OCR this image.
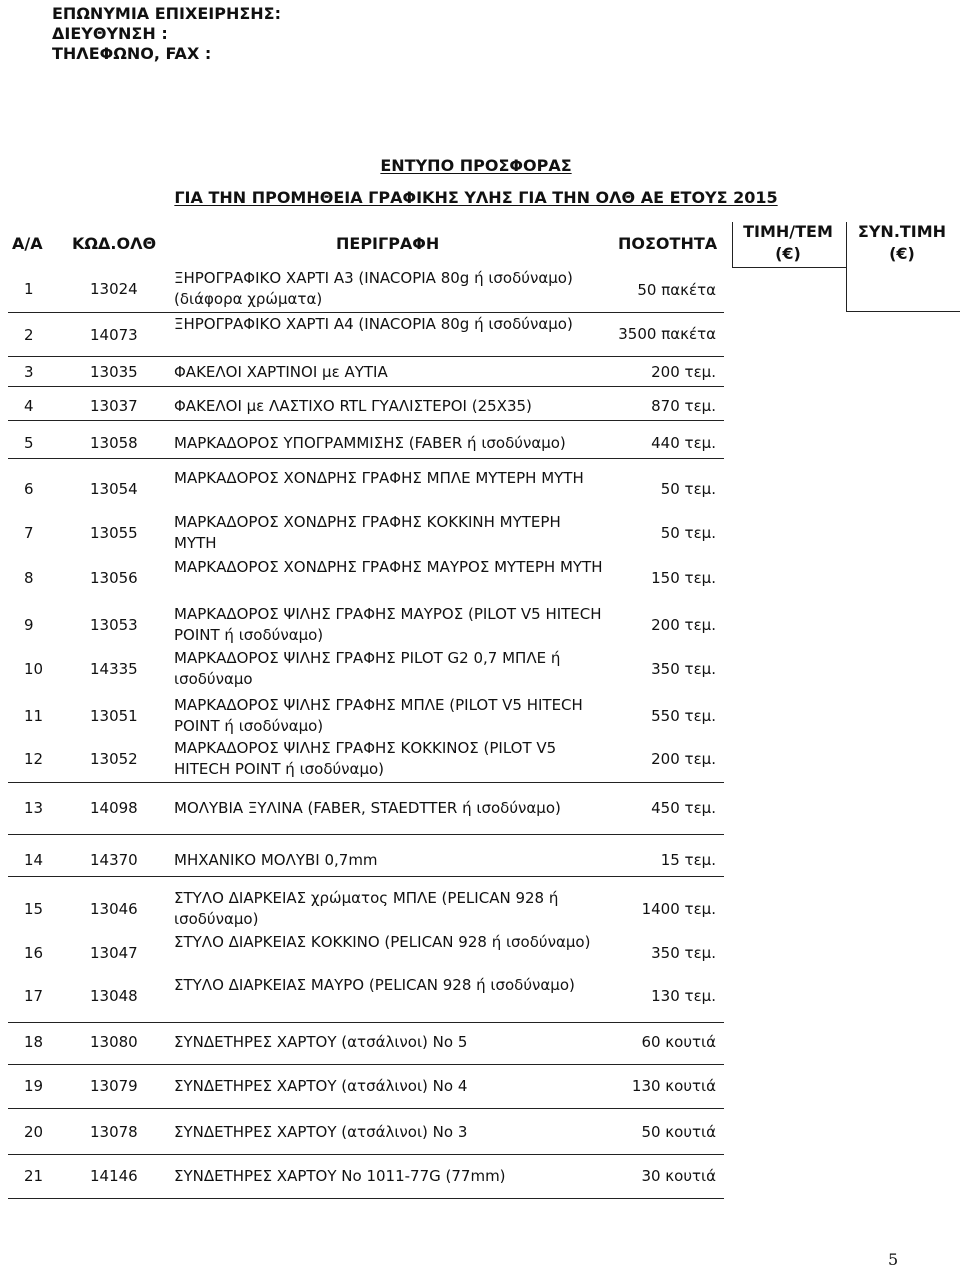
ΕΠΩΝΥΜΙΑ ΕΠΙΧΕΙΡΗΣΗΣ:
ΔΙΕΥΘΥΝΣΗ :
ΤΗΛΕΦΩΝΟ, FAX :
ΕΝΤΥΠΟ ΠΡΟΣΦΟΡΑΣ
ΓΙΑ ΤΗΝ ΠΡΟΜΗΘΕΙΑ ΓΡΑΦΙΚΗΣ ΥΛΗΣ ΓΙΑ ΤΗΝ ΟΛΘ ΑΕ ΕΤΟΥΣ 2015
Α/Α ΚΩΔ.ΟΛΘ	ΠΕΡΙΓΡΑΦΗ	ΠΟΣΟΤΗΤΑ
ΤΙΜΗ/ΤΕΜ
(€)
ΣΥΝ.ΤΙΜΗ
(€)
1	13024
ΞΗΡΟΓΡΑΦΙΚΟ ΧΑΡΤΙ Α3 (INACOPIA 80g ή ισοδύναμο) (διάφορα χρώματα)	50 πακέτα
2	14073
ΞΗΡΟΓΡΑΦΙΚΟ ΧΑΡΤΙ Α4 (INACOPIA 80g ή ισοδύναμο)
3500 πακέτα
3	13035 ΦΑΚΕΛΟΙ ΧΑΡΤΙΝΟΙ με ΑΥΤΙΑ	200 τεμ.
4	13037 ΦΑΚΕΛΟΙ με ΛΑΣΤΙΧΟ RTL ΓΥΑΛΙΣΤΕΡΟΙ (25Χ35)	870 τεμ.
5	13058 ΜΑΡΚΑΔΟΡΟΣ ΥΠΟΓΡΑΜΜΙΣΗΣ (FABER ή ισοδύναμο)	440 τεμ.
6	13054
ΜΑΡΚΑΔΟΡΟΣ ΧΟΝΔΡΗΣ ΓΡΑΦΗΣ ΜΠΛΕ ΜΥΤΕΡΗ ΜΥΤΗ
50 τεμ.
7	13055
ΜΑΡΚΑΔΟΡΟΣ ΧΟΝΔΡΗΣ ΓΡΑΦΗΣ ΚΟΚΚΙΝΗ ΜΥΤΕΡΗ ΜΥΤΗ
50 τεμ.
8	13056
ΜΑΡΚΑΔΟΡΟΣ ΧΟΝΔΡΗΣ ΓΡΑΦΗΣ ΜΑΥΡΟΣ ΜΥΤΕΡΗ ΜΥΤΗ
150 τεμ.
9	13053
ΜΑΡΚΑΔΟΡΟΣ ΨΙΛΗΣ ΓΡΑΦΗΣ ΜΑΥΡΟΣ (PILOT V5 HITECH POINT ή ισοδύναμο)
200 τεμ.
10	14335
ΜΑΡΚΑΔΟΡΟΣ ΨΙΛΗΣ ΓΡΑΦΗΣ PILOT G2 0,7 ΜΠΛΕ ή ισοδύναμο
350 τεμ.
11	13051
ΜΑΡΚΑΔΟΡΟΣ ΨΙΛΗΣ ΓΡΑΦΗΣ ΜΠΛΕ (PILOT V5 HITECH POINT ή ισοδύναμο)
550 τεμ.
12	13052
ΜΑΡΚΑΔΟΡΟΣ ΨΙΛΗΣ ΓΡΑΦΗΣ ΚΟΚΚΙΝΟΣ (PILOT V5 HITECH POINT ή ισοδύναμο)
200 τεμ.
13	14098 ΜΟΛΥΒΙΑ ΞΥΛΙΝΑ (FABER, STAEDTTER ή ισοδύναμο)	450 τεμ.
14	14370 ΜΗΧΑΝΙΚΟ ΜΟΛΥΒΙ 0,7mm	15 τεμ.
15	13046
ΣΤΥΛΟ ΔΙΑΡΚΕΙΑΣ χρώματος ΜΠΛΕ (PELICAN 928 ή ισοδύναμο)
1400 τεμ.
16	13047
ΣΤΥΛΟ ΔΙΑΡΚΕΙΑΣ ΚΟΚΚΙΝΟ (PELICAN 928 ή ισοδύναμο)
350 τεμ.
17	13048
ΣΤΥΛΟ ΔΙΑΡΚΕΙΑΣ ΜΑΥΡΟ (PELICAN 928 ή ισοδύναμο)
130 τεμ.
18	13080 ΣΥΝΔΕΤΗΡΕΣ ΧΑΡΤΟΥ (ατσάλινοι) Νο 5	60 κουτιά
19	13079 ΣΥΝΔΕΤΗΡΕΣ ΧΑΡΤΟΥ (ατσάλινοι) Νο 4	130 κουτιά
20	13078 ΣΥΝΔΕΤΗΡΕΣ ΧΑΡΤΟΥ (ατσάλινοι) Νο 3	50 κουτιά
21	14146 ΣΥΝΔΕΤΗΡΕΣ ΧΑΡΤΟΥ Νο 1011-77G (77mm)	30 κουτιά
5
